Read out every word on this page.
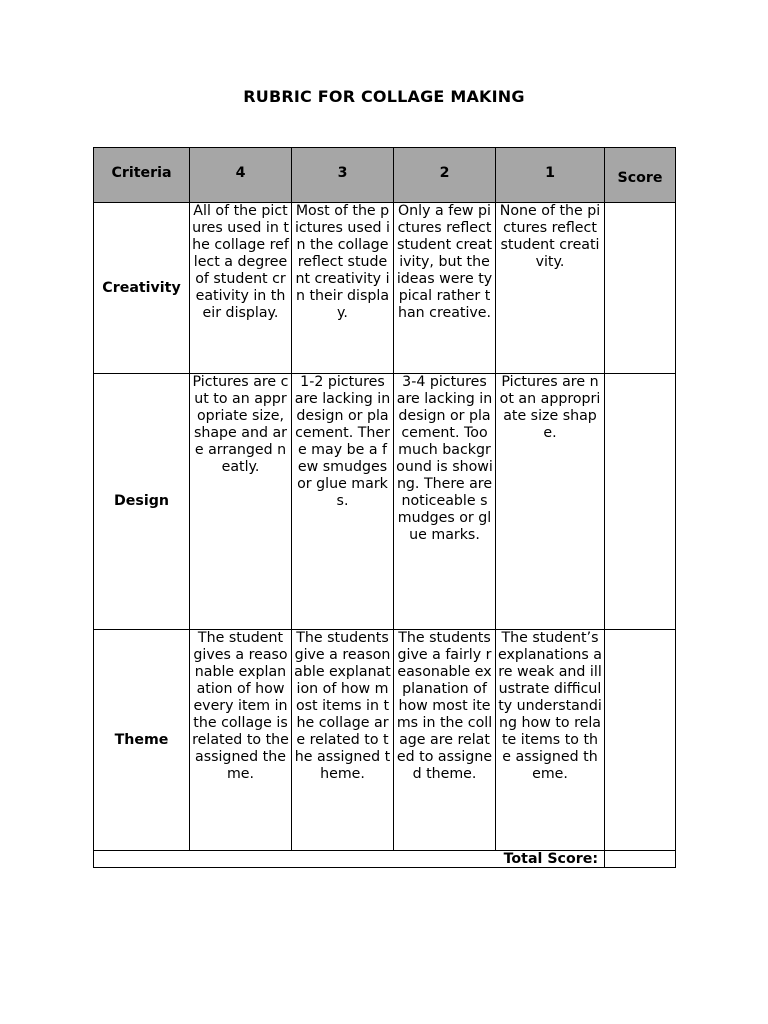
RUBRIC FOR COLLAGE MAKING
Criteria	4	3	2	1	Score
Creativity	All of the pictures used in the collage reflect a degree of student creativity in their display.	Most of the pictures used in the collage reflect student creativity in their display.	Only a few pictures reflect student creativity, but the ideas were typical rather than creative.	None of the pictures reflect student creativity.	
Design	Pictures are cut to an appropriate size, shape and are arranged neatly.	1-2 pictures are lacking in design or placement. There may be a few smudges or glue marks.	3-4 pictures are lacking in design or placement. Too much background is showing. There are noticeable smudges or glue marks.	Pictures are not an appropriate size shape.	
Theme	The student gives a reasonable explanation of how every item in the collage is related to the assigned theme.	The students give a reasonable explanation of how most items in the collage are related to the assigned theme.	The students give a fairly reasonable explanation of how most items in the collage are related to assigned theme.	The student’s explanations are weak and illustrate difficulty understanding how to relate items to the assigned theme.	
Total Score:					
